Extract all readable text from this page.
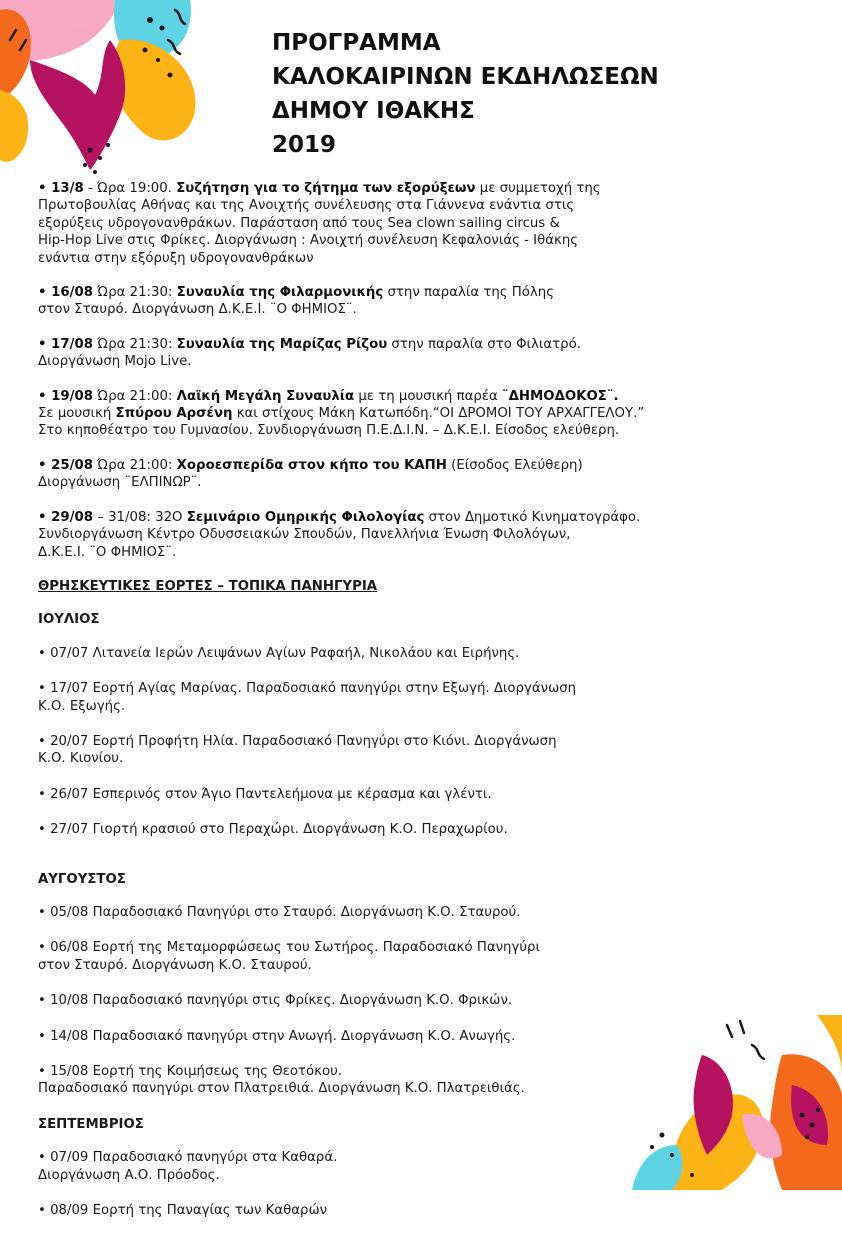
ΠΡΟΓΡΑΜΜΑ
ΚΑΛΟΚΑΙΡΙΝΩΝ ΕΚΔΗΛΩΣΕΩΝ
ΔΗΜΟΥ ΙΘΑΚΗΣ
2019
• 13/8 - Ώρα 19:00. Συζήτηση για το ζήτημα των εξορύξεων με συμμετοχή της
Πρωτοβουλίας Αθήνας και της Ανοιχτής συνέλευσης στα Γιάννενα ενάντια στις
εξορύξεις υδρογονανθράκων. Παράσταση από τους Sea clown sailing circus &
Hip-Hop Live στις Φρίκες. Διοργάνωση : Ανοιχτή συνέλευση Κεφαλονιάς - Ιθάκης
ενάντια στην εξόρυξη υδρογονανθράκων
• 16/08 Ώρα 21:30: Συναυλία της Φιλαρμονικής στην παραλία της Πόλης
στον Σταυρό. Διοργάνωση Δ.Κ.Ε.Ι. ¨Ο ΦΗΜΙΟΣ¨.
• 17/08 Ώρα 21:30: Συναυλία της Μαρίζας Ρίζου στην παραλία στο Φιλιατρό.
Διοργάνωση Mojo Live.
• 19/08 Ώρα 21:00: Λαϊκή Μεγάλη Συναυλία με τη μουσική παρέα ¨ΔΗΜΟΔΟΚΟΣ¨.
Σε μουσική Σπύρου Αρσένη και στίχους Μάκη Κατωπόδη.“ΟΙ ΔΡΟΜΟΙ ΤΟΥ ΑΡΧΑΓΓΕΛΟΥ.”
Στο κηποθέατρο του Γυμνασίου. Συνδιοργάνωση Π.Ε.Δ.Ι.Ν. – Δ.Κ.Ε.Ι. Είσοδος ελεύθερη.
• 25/08 Ώρα 21:00: Χοροεσπερίδα στον κήπο του ΚΑΠΗ (Είσοδος Ελεύθερη)
Διοργάνωση ¨ΕΛΠΙΝΩΡ¨.
• 29/08 – 31/08: 32Ο Σεμινάριο Ομηρικής Φιλολογίας στον Δημοτικό Κινηματογράφο.
Συνδιοργάνωση Κέντρο Οδυσσειακών Σπουδών, Πανελλήνια Ένωση Φιλολόγων,
Δ.Κ.Ε.Ι. ¨Ο ΦΗΜΙΟΣ¨.
ΘΡΗΣΚΕΥΤΙΚΕΣ ΕΟΡΤΕΣ – ΤΟΠΙΚΑ ΠΑΝΗΓΥΡΙΑ
ΙΟΥΛΙΟΣ
• 07/07 Λιτανεία Ιερών Λειψάνων Αγίων Ραφαήλ, Νικολάου και Ειρήνης.
• 17/07 Εορτή Αγίας Μαρίνας. Παραδοσιακό πανηγύρι στην Εξωγή. Διοργάνωση
Κ.Ο. Εξωγής.
• 20/07 Εορτή Προφήτη Ηλία. Παραδοσιακό Πανηγύρι στο Κιόνι. Διοργάνωση
Κ.Ο. Κιονίου.
• 26/07 Εσπερινός στον Άγιο Παντελεήμονα με κέρασμα και γλέντι.
• 27/07 Γιορτή κρασιού στο Περαχώρι. Διοργάνωση Κ.Ο. Περαχωρίου.
ΑΥΓΟΥΣΤΟΣ
• 05/08 Παραδοσιακό Πανηγύρι στο Σταυρό. Διοργάνωση Κ.Ο. Σταυρού.
• 06/08 Εορτή της Μεταμορφώσεως του Σωτήρος. Παραδοσιακό Πανηγύρι
στον Σταυρό. Διοργάνωση Κ.Ο. Σταυρού.
• 10/08 Παραδοσιακό πανηγύρι στις Φρίκες. Διοργάνωση Κ.Ο. Φρικών.
• 14/08 Παραδοσιακό πανηγύρι στην Ανωγή. Διοργάνωση Κ.Ο. Ανωγής.
• 15/08 Εορτή της Κοιμήσεως της Θεοτόκου.
Παραδοσιακό πανηγύρι στον Πλατρειθιά. Διοργάνωση Κ.Ο. Πλατρειθιάς.
ΣΕΠΤΕΜΒΡΙΟΣ
• 07/09 Παραδοσιακό πανηγύρι στα Καθαρά.
Διοργάνωση Α.Ο. Πρόοδος.
• 08/09 Εορτή της Παναγίας των Καθαρών
